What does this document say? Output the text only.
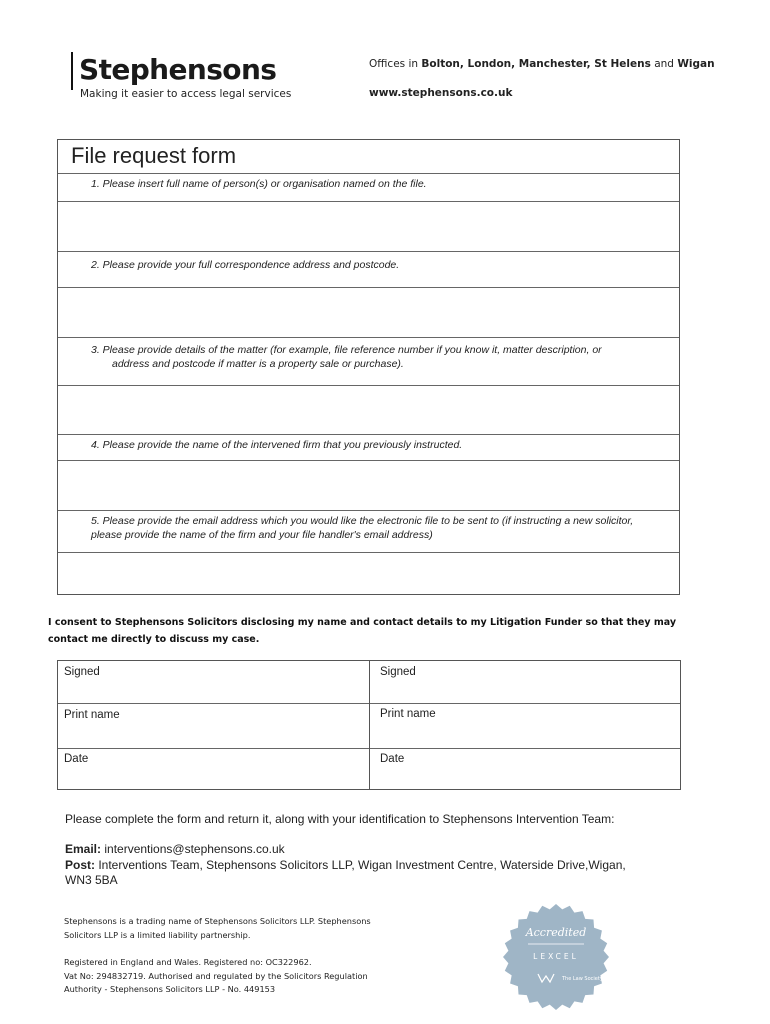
Stephensons
Making it easier to access legal services
Offices in Bolton, London, Manchester, St Helens and Wigan
www.stephensons.co.uk
File request form
1. Please insert full name of person(s) or organisation named on the file.
2. Please provide your full correspondence address and postcode.
3. Please provide details of the matter (for example, file reference number if you know it, matter description, or
address and postcode if matter is a property sale or purchase).
4. Please provide the name of the intervened firm that you previously instructed.
5. Please provide the email address which you would like the electronic file to be sent to (if instructing a new solicitor,
please provide the name of the firm and your file handler's email address)
I consent to Stephensons Solicitors disclosing my name and contact details to my Litigation Funder so that they may contact me directly to discuss my case.
Signed	Signed
Print name	Print name
Date	Date
Please complete the form and return it, along with your identification to Stephensons Intervention Team:
Email: interventions@stephensons.co.uk
Post: Interventions Team, Stephensons Solicitors LLP, Wigan Investment Centre, Waterside Drive,Wigan,
WN3 5BA
Stephensons is a trading name of Stephensons Solicitors LLP. Stephensons
Solicitors LLP is a limited liability partnership.
Registered in England and Wales. Registered no: OC322962.
Vat No: 294832719. Authorised and regulated by the Solicitors Regulation
Authority - Stephensons Solicitors LLP - No. 449153
Accredited
LEXCEL
The Law Society
